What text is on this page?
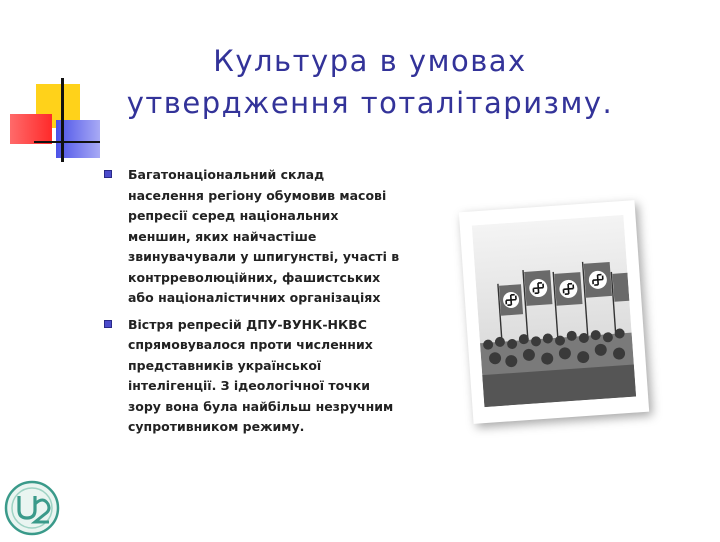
Культура в умовах
утвердження тоталітаризму.
Багатонаціональний склад населення регіону обумовив масові репресії серед національних меншин, яких найчастіше звинувачували у шпигунстві, участі в контрреволюційних, фашистських або націоналістичних організаціях
Вістря репресій ДПУ-ВУНК-НКВС спрямовувалося проти численних представників української інтелігенції. З ідеологічної точки зору вона була найбільш незручним супротивником режиму.
